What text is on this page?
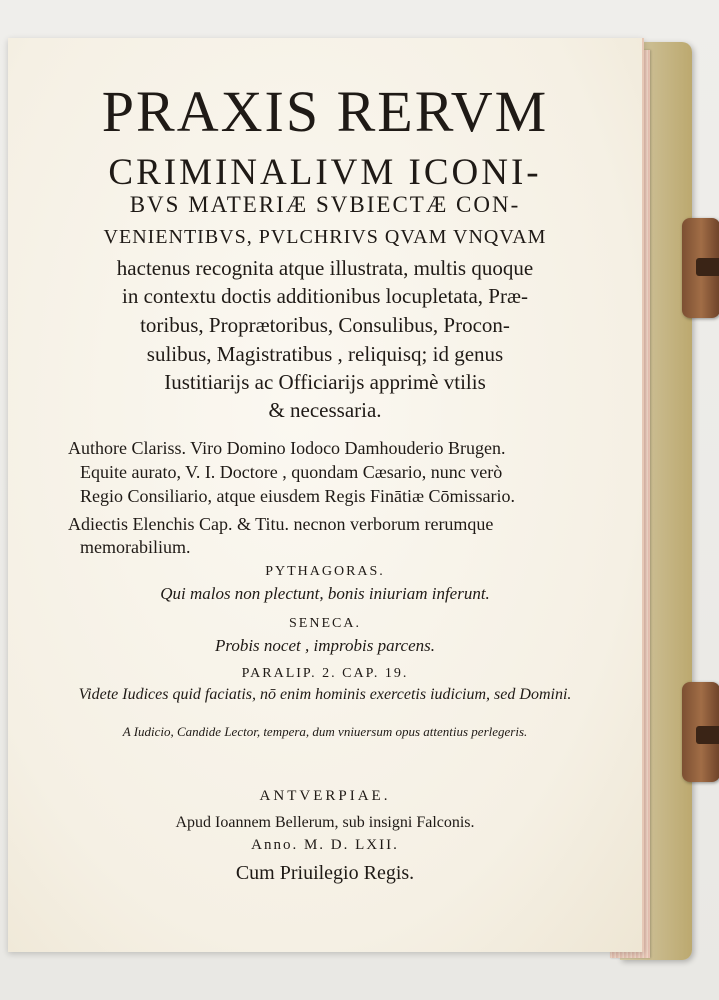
PRAXIS RERVM
CRIMINALIVM ICONI-
BVS MATERIÆ SVBIECTÆ CON-
VENIENTIBVS, PVLCHRIVS QVAM VNQVAM
hactenus recognita atque illustrata, multis quoque
in contextu doctis additionibus locupletata, Præ-
toribus, Proprætoribus, Consulibus, Procon-
sulibus, Magistratibus , reliquisq; id genus
Iustitiarijs ac Officiarijs apprimè vtilis
& necessaria.
Authore Clariss. Viro Domino Iodoco Damhouderio Brugen.
Equite aurato, V. I. Doctore , quondam Cæsario, nunc verò
Regio Consiliario, atque eiusdem Regis Finātiæ Cōmissario.
Adiectis Elenchis Cap. & Titu. necnon verborum rerumque
memorabilium.
PYTHAGORAS.
Qui malos non plectunt, bonis iniuriam inferunt.
SENECA.
Probis nocet , improbis parcens.
PARALIP. 2. CAP. 19.
Videte Iudices quid faciatis, nō enim hominis exercetis iudicium, sed Domini.
A Iudicio, Candide Lector, tempera, dum vniuersum opus attentius perlegeris.
ANTVERPIAE.
Apud Ioannem Bellerum, sub insigni Falconis.
Anno. M. D. LXII.
Cum Priuilegio Regis.
